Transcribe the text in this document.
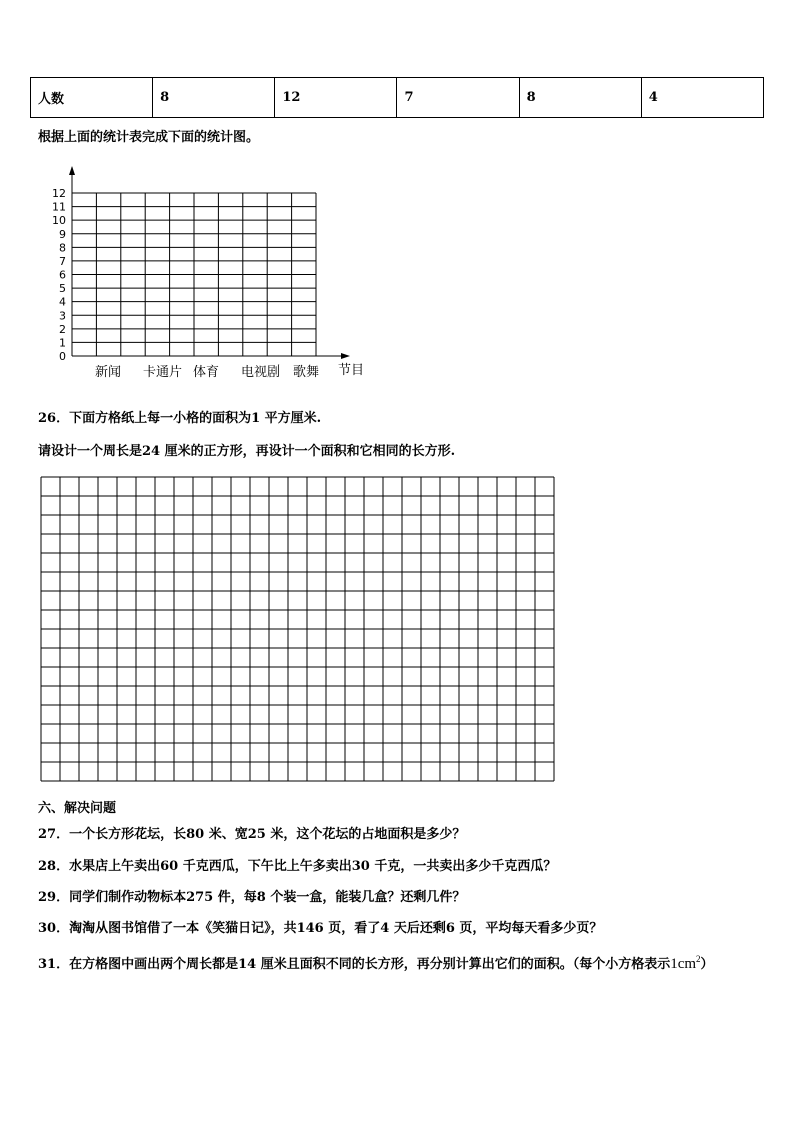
人数	8	12	7	8	4
根据上面的统计表完成下面的统计图。
0
1
2
3
4
5
6
7
8
9
10
11
12
新闻 卡通片 体育 电视剧 歌舞 节目
26．下面方格纸上每一小格的面积为1 平方厘米.
请设计一个周长是24 厘米的正方形，再设计一个面积和它相同的长方形.
六、解决问题
27．一个长方形花坛，长80 米、宽25 米，这个花坛的占地面积是多少？
28．水果店上午卖出60 千克西瓜，下午比上午多卖出30 千克，一共卖出多少千克西瓜？
29．同学们制作动物标本275 件，每8 个装一盒，能装几盒？还剩几件？
30．淘淘从图书馆借了一本《笑猫日记》，共146 页，看了4 天后还剩6 页，平均每天看多少页？
31．在方格图中画出两个周长都是14 厘米且面积不同的长方形，再分别计算出它们的面积。（每个小方格表示$1cm^2$）
